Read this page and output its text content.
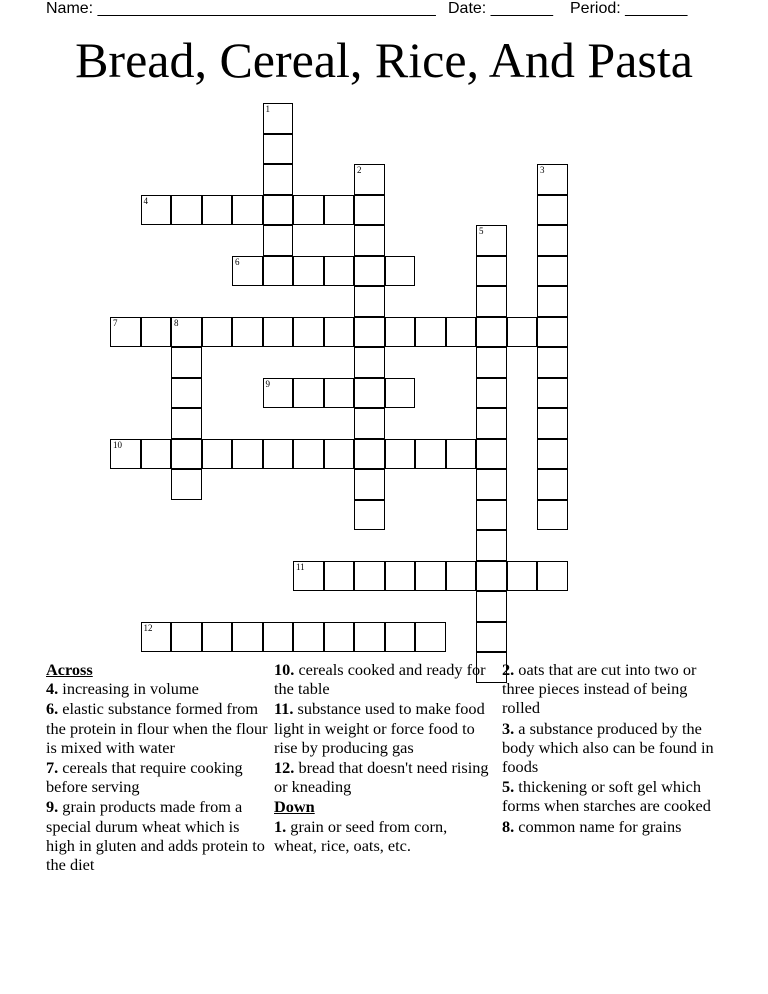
Name: ______________________________________

Date: _______

Period: _______

Bread, Cereal, Rice, And Pasta
1
2	3
4
5
6
7	8
9
10
11
12
Across
4. increasing in volume
6. elastic substance formed from the protein in flour when the flour is mixed with water
7. cereals that require cooking before serving
9. grain products made from a special durum wheat which is high in gluten and adds protein to the diet
10. cereals cooked and ready for the table
11. substance used to make food light in weight or force food to rise by producing gas
12. bread that doesn't need rising or kneading
Down
1. grain or seed from corn, wheat, rice, oats, etc.
2. oats that are cut into two or three pieces instead of being rolled
3. a substance produced by the body which also can be found in foods
5. thickening or soft gel which forms when starches are cooked
8. common name for grains
